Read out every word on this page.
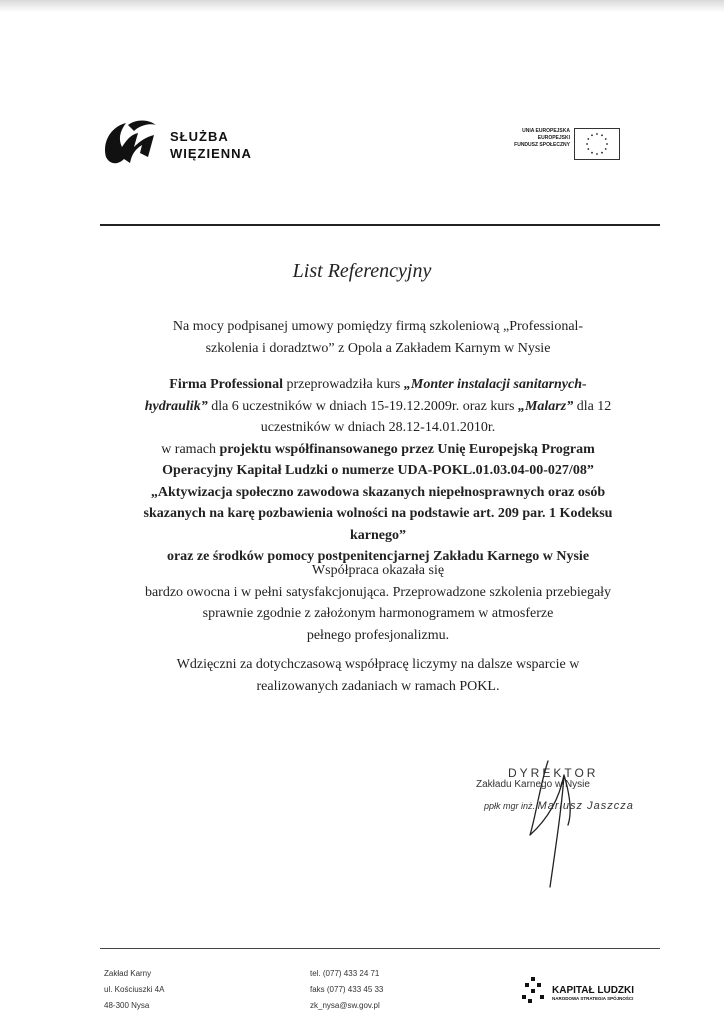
SŁUŻBA
WIĘZIENNA
UNIA EUROPEJSKA
EUROPEJSKI
FUNDUSZ SPOŁECZNY
List Referencyjny
Na mocy podpisanej umowy pomiędzy firmą szkoleniową „Professional-
szkolenia i doradztwo” z Opola a Zakładem Karnym w Nysie
Firma Professional przeprowadziła kurs „Monter instalacji sanitarnych-
hydraulik” dla 6 uczestników w dniach 15-19.12.2009r. oraz kurs „Malarz” dla 12
uczestników w dniach 28.12-14.01.2010r.
w ramach projektu współfinansowanego przez Unię Europejską Program
Operacyjny Kapitał Ludzki o numerze UDA-POKL.01.03.04-00-027/08”
„Aktywizacja społeczno zawodowa skazanych niepełnosprawnych oraz osób
skazanych na karę pozbawienia wolności na podstawie art. 209 par. 1 Kodeksu
karnego”
oraz ze środków pomocy postpenitencjarnej Zakładu Karnego w Nysie
Współpraca okazała się
bardzo owocna i w pełni satysfakcjonująca. Przeprowadzone szkolenia przebiegały
sprawnie zgodnie z założonym harmonogramem w atmosferze
pełnego profesjonalizmu.
Wdzięczni za dotychczasową współpracę liczymy na dalsze wsparcie w
realizowanych zadaniach w ramach POKL.
DYREKTOR
Zakładu Karnego w Nysie
ppłk mgr inż. Mariusz Jaszcza
Zakład Karny
ul. Kościuszki 4A
48-300 Nysa
tel. (077) 433 24 71
faks (077) 433 45 33
zk_nysa@sw.gov.pl
KAPITAŁ LUDZKI
NARODOWA STRATEGIA SPÓJNOŚCI
